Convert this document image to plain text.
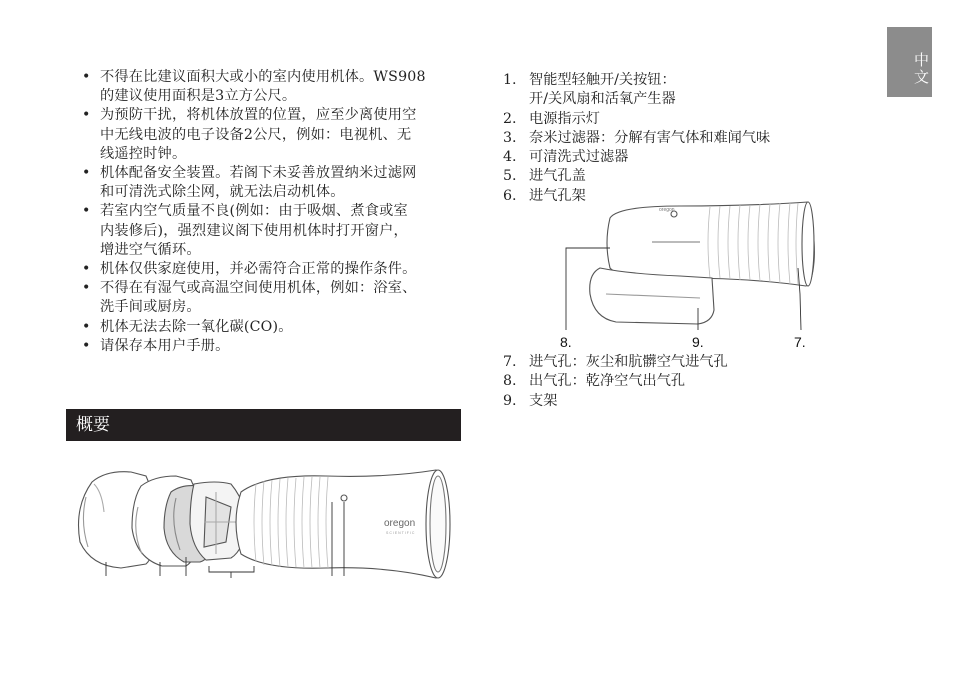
中文
• 不得在比建议面积大或小的室内使用机体。WS908
的建议使用面积是3立方公尺。
• 为预防干扰，将机体放置的位置，应至少离使用空
中无线电波的电子设备2公尺，例如：电视机、无
线遥控时钟。
• 机体配备安全装置。若阁下未妥善放置纳米过滤网
和可清洗式除尘网，就无法启动机体。
• 若室内空气质量不良(例如：由于吸烟、煮食或室
内装修后)，强烈建议阁下使用机体时打开窗户，
增进空气循环。
• 机体仅供家庭使用，并必需符合正常的操作条件。
• 不得在有湿气或高温空间使用机体，例如：浴室、
洗手间或厨房。
• 机体无法去除一氧化碳(CO)。
• 请保存本用户手册。
概要
oregon
SCIENTIFIC
1. 智能型轻触开/关按钮：
开/关风扇和活氧产生器
2. 电源指示灯
3. 奈米过滤器：分解有害气体和难闻气味
4. 可清洗式过滤器
5. 进气孔盖
6. 进气孔架
oregon
8.	9.	7.
7. 进气孔：灰尘和肮髒空气进气孔
8. 出气孔：乾净空气出气孔
9. 支架
